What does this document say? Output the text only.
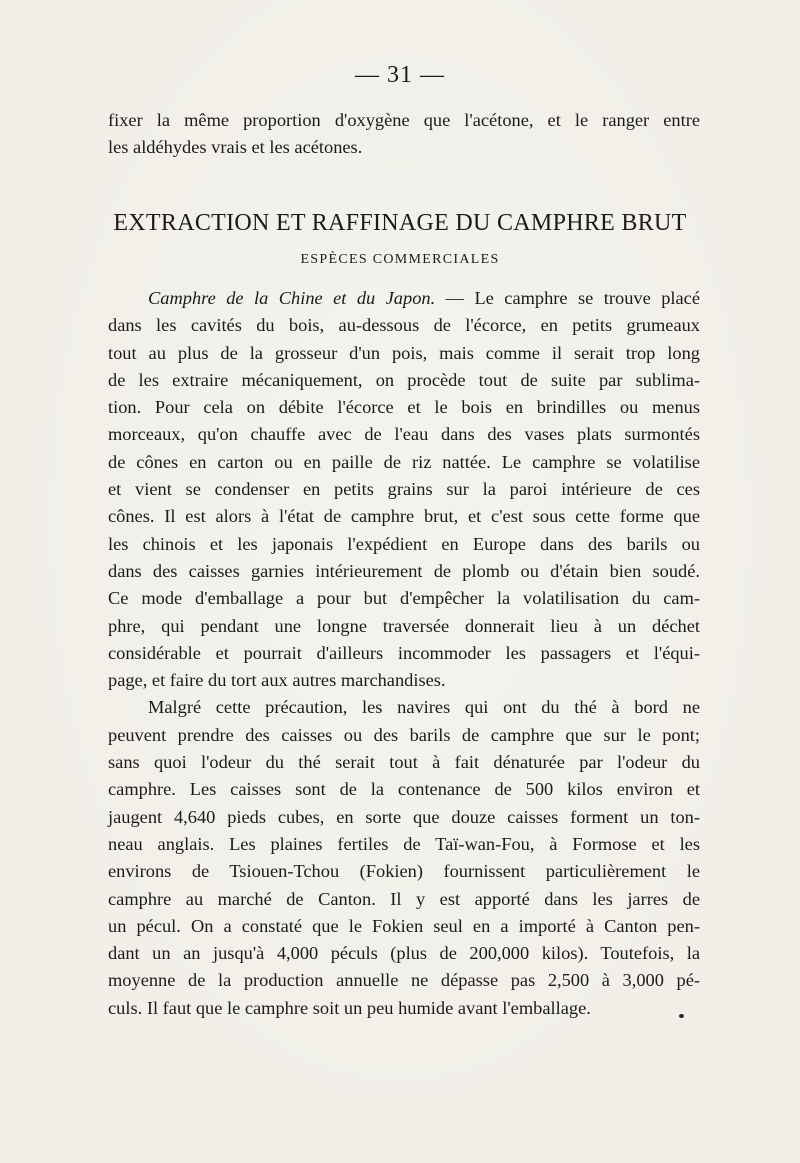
— 31 —
fixer la même proportion d'oxygène que l'acétone, et le ranger entre
les aldéhydes vrais et les acétones.
EXTRACTION ET RAFFINAGE DU CAMPHRE BRUT
ESPÈCES COMMERCIALES
Camphre de la Chine et du Japon. — Le camphre se trouve placé
dans les cavités du bois, au-dessous de l'écorce, en petits grumeaux
tout au plus de la grosseur d'un pois, mais comme il serait trop long
de les extraire mécaniquement, on procède tout de suite par sublima-
tion. Pour cela on débite l'écorce et le bois en brindilles ou menus
morceaux, qu'on chauffe avec de l'eau dans des vases plats surmontés
de cônes en carton ou en paille de riz nattée. Le camphre se volatilise
et vient se condenser en petits grains sur la paroi intérieure de ces
cônes. Il est alors à l'état de camphre brut, et c'est sous cette forme que
les chinois et les japonais l'expédient en Europe dans des barils ou
dans des caisses garnies intérieurement de plomb ou d'étain bien soudé.
Ce mode d'emballage a pour but d'empêcher la volatilisation du cam-
phre, qui pendant une longne traversée donnerait lieu à un déchet
considérable et pourrait d'ailleurs incommoder les passagers et l'équi-
page, et faire du tort aux autres marchandises.
Malgré cette précaution, les navires qui ont du thé à bord ne
peuvent prendre des caisses ou des barils de camphre que sur le pont;
sans quoi l'odeur du thé serait tout à fait dénaturée par l'odeur du
camphre. Les caisses sont de la contenance de 500 kilos environ et
jaugent 4,640 pieds cubes, en sorte que douze caisses forment un ton-
neau anglais. Les plaines fertiles de Taï-wan-Fou, à Formose et les
environs de Tsiouen-Tchou (Fokien) fournissent particulièrement le
camphre au marché de Canton. Il y est apporté dans les jarres de
un pécul. On a constaté que le Fokien seul en a importé à Canton pen-
dant un an jusqu'à 4,000 péculs (plus de 200,000 kilos). Toutefois, la
moyenne de la production annuelle ne dépasse pas 2,500 à 3,000 pé-
culs. Il faut que le camphre soit un peu humide avant l'emballage.
